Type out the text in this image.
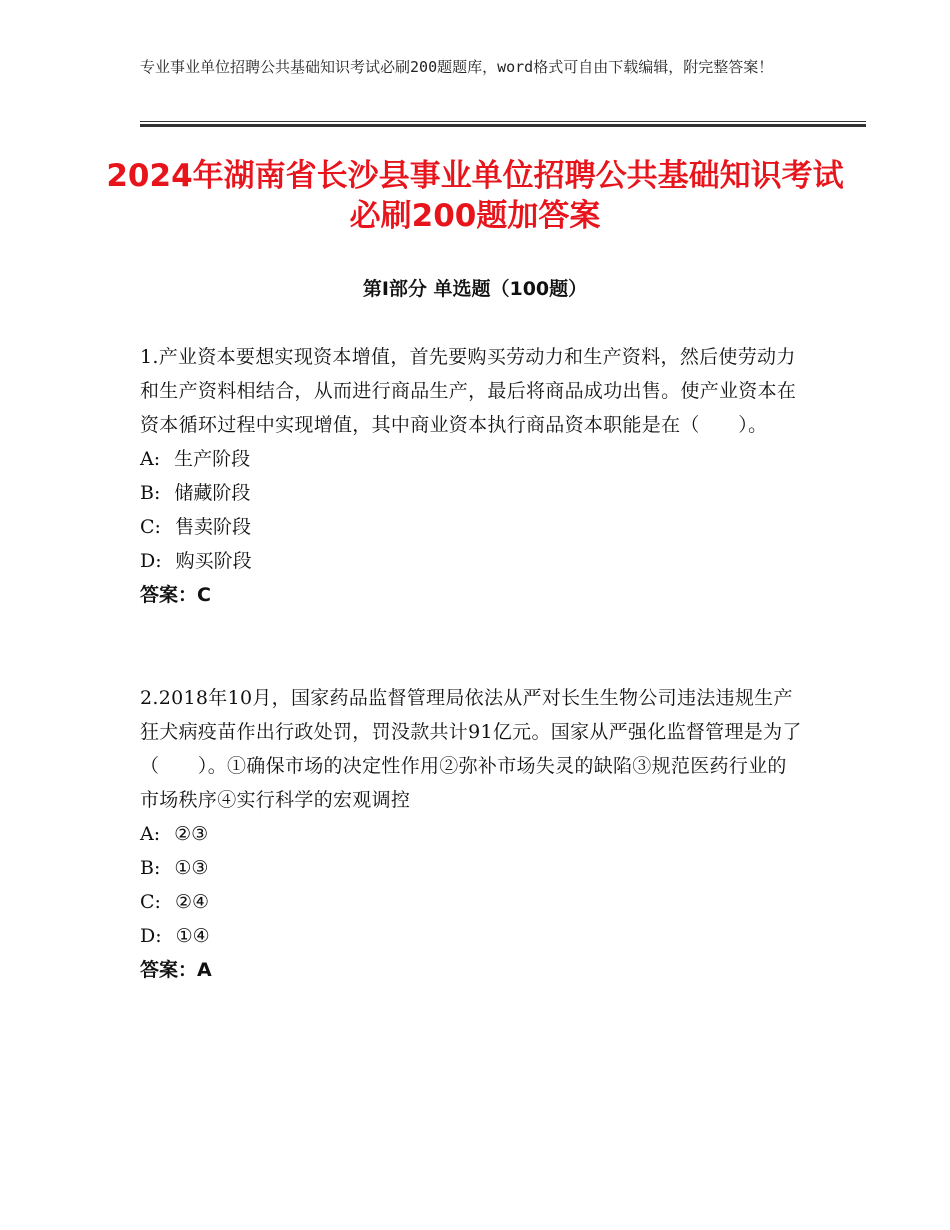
专业事业单位招聘公共基础知识考试必刷200题题库，word格式可自由下载编辑，附完整答案！
2024年湖南省长沙县事业单位招聘公共基础知识考试必刷200题加答案
第Ⅰ部分 单选题（100题）

1.产业资本要想实现资本增值，首先要购买劳动力和生产资料，然后使劳动力和生产资料相结合，从而进行商品生产，最后将商品成功出售。使产业资本在资本循环过程中实现增值，其中商业资本执行商品资本职能是在（　　）。

A: 生产阶段
B: 储藏阶段
C: 售卖阶段
D: 购买阶段

答案：C

2.2018年10月，国家药品监督管理局依法从严对长生生物公司违法违规生产狂犬病疫苗作出行政处罚，罚没款共计91亿元。国家从严强化监督管理是为了（　　）。①确保市场的决定性作用②弥补市场失灵的缺陷③规范医药行业的市场秩序④实行科学的宏观调控

A: ②③
B: ①③
C: ②④
D: ①④

答案：A
